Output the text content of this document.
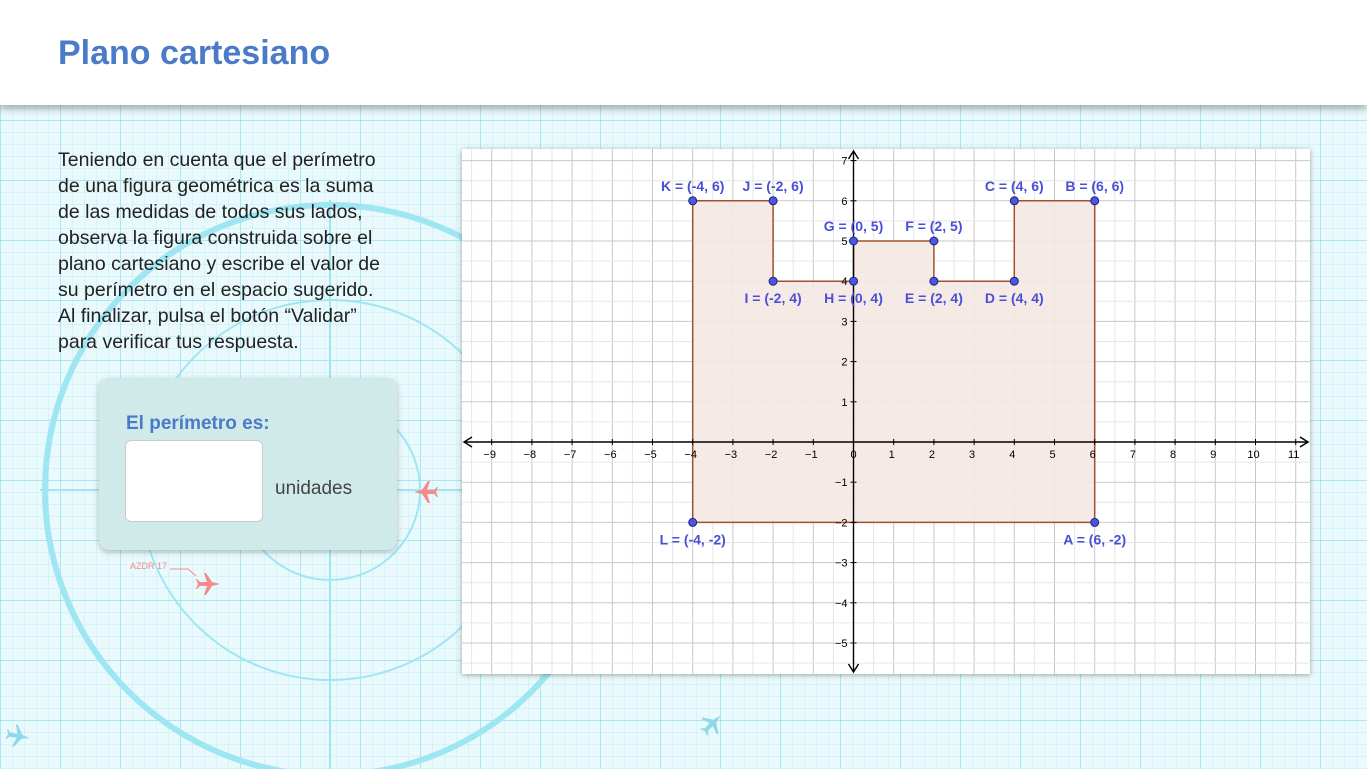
AZDR 17
Plano cartesiano

Teniendo en cuenta que el perímetro
de una figura geométrica es la suma
de las medidas de todos sus lados,
observa la figura construida sobre el
plano cartesiano y escribe el valor de
su perímetro en el espacio sugerido.
Al finalizar, pulsa el botón “Validar”
para verificar tus respuesta.

El perímetro es:
unidades
−9	−8	−7	−6	−5	−4	−3	−2	−1	0	1	2	3	4	5	6	7	8	9	10	11
−5
−4
−3
−2
−1
1
2
3
4
5
6
7
A = (6, -2)
B = (6, 6)
C = (4, 6)
D = (4, 4)
E = (2, 4)
F = (2, 5)
G = (0, 5)
H = (0, 4)
I = (-2, 4)
J = (-2, 6)
K = (-4, 6)
L = (-4, -2)
